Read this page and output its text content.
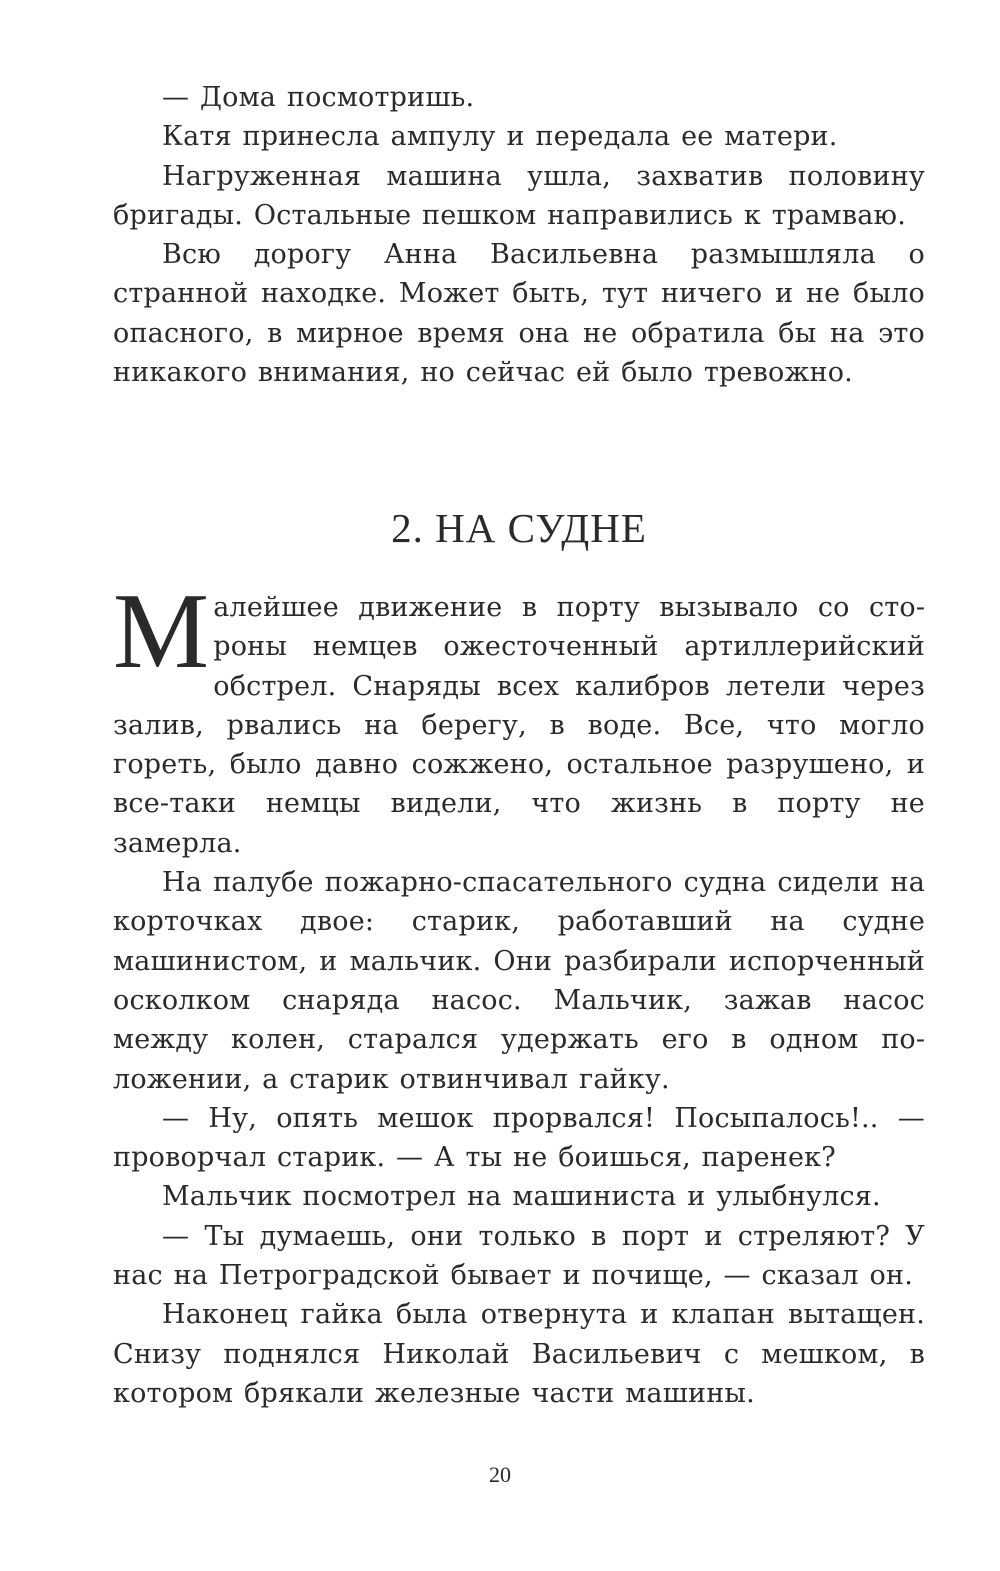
— Дома посмотришь.

Катя принесла ампулу и передала ее матери.

Нагруженная машина ушла, захватив половину бригады. Остальные пешком направились к трамваю.

Всю дорогу Анна Васильевна размышляла о странной находке. Может быть, тут ничего и не было опасного, в мирное время она не обратила бы на это никакого внимания, но сейчас ей было тревожно.

2. НА СУДНЕ

Малейшее движение в порту вызывало со стороны немцев ожесточенный артиллерийский обстрел. Снаряды всех калибров летели через залив, рвались на берегу, в воде. Все, что могло гореть, было давно сожжено, остальное разрушено, и все-таки немцы видели, что жизнь в порту не замерла.

На палубе пожарно-спасательного судна сидели на корточках двое: старик, работавший на судне машинистом, и мальчик. Они разбирали испорченный осколком снаряда насос. Мальчик, зажав насос между колен, старался удержать его в одном положении, а старик отвинчивал гайку.

— Ну, опять мешок прорвался! Посыпалось!.. — проворчал старик. — А ты не боишься, паренек?

Мальчик посмотрел на машиниста и улыбнулся.

— Ты думаешь, они только в порт и стреляют? У нас на Петроградской бывает и почище, — сказал он.

Наконец гайка была отвернута и клапан вытащен. Снизу поднялся Николай Васильевич с мешком, в котором брякали железные части машины.

20
